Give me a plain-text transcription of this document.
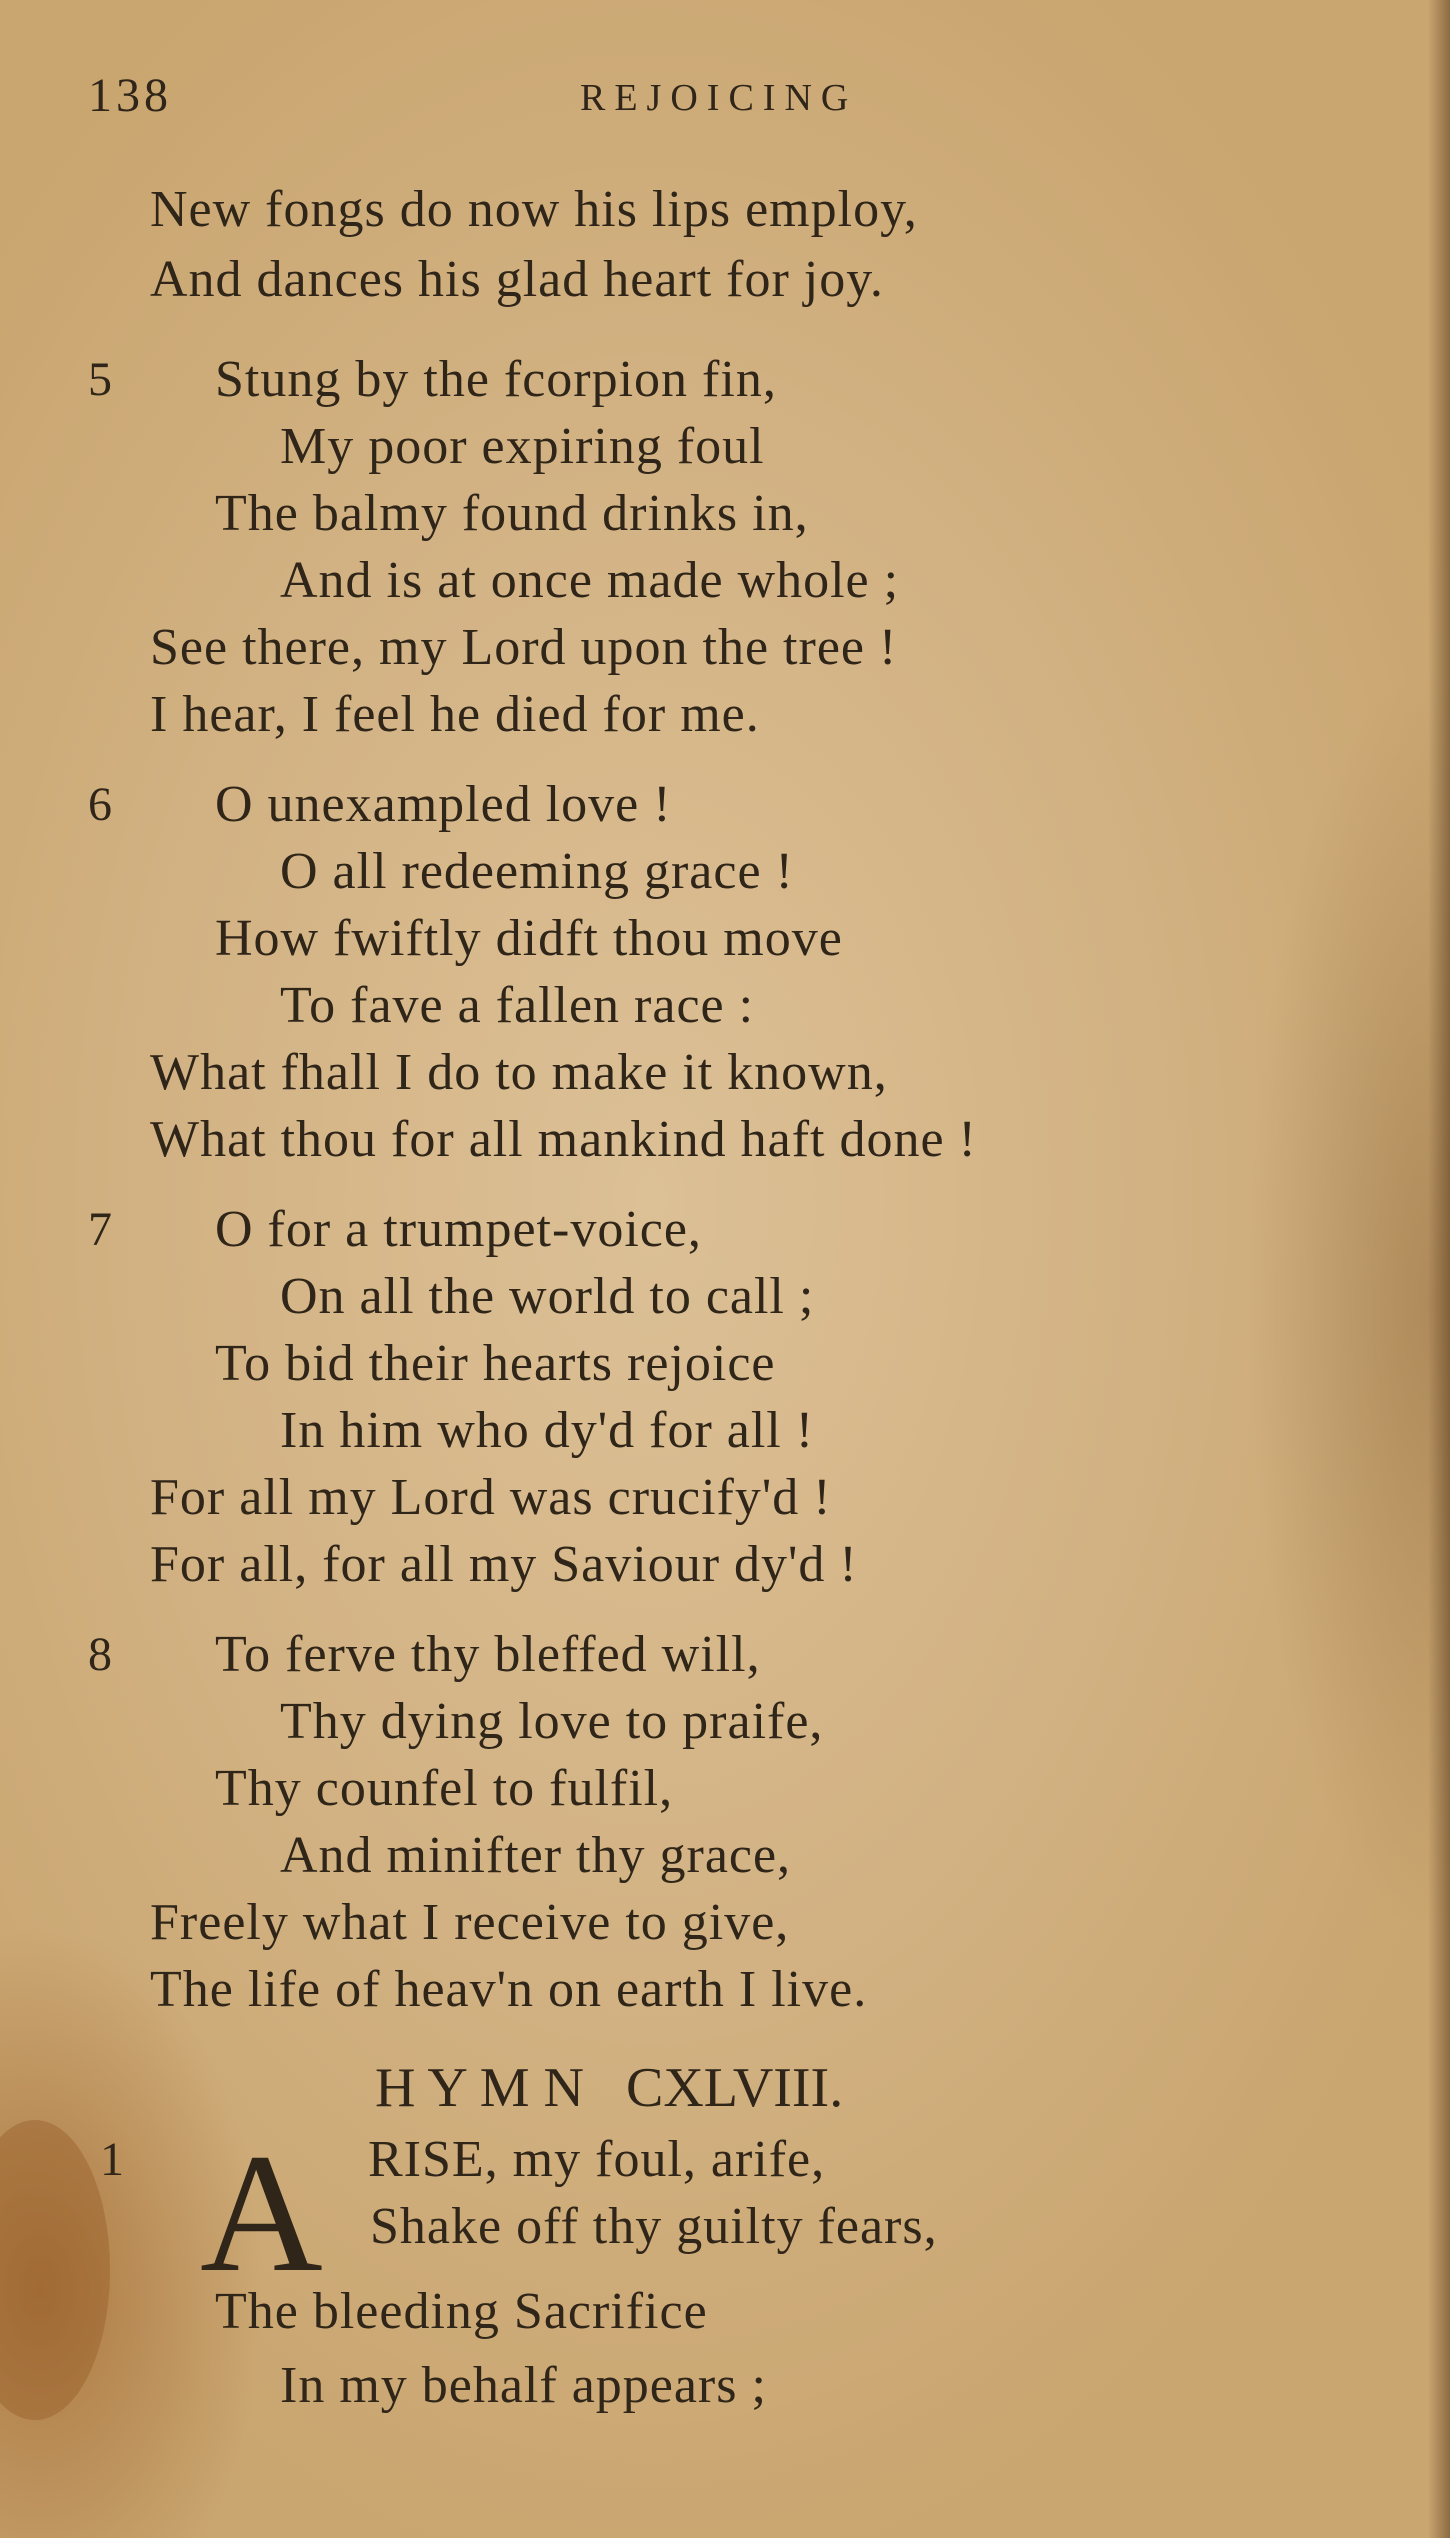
138	REJOICING
New fongs do now his lips employ,
And dances his glad heart for joy.
5 Stung by the fcorpion fin,
My poor expiring foul
The balmy found drinks in,
And is at once made whole ;
See there, my Lord upon the tree !
I hear, I feel he died for me.
6 O unexampled love !
O all redeeming grace !
How fwiftly didft thou move
To fave a fallen race :
What fhall I do to make it known,
What thou for all mankind haft done !
7 O for a trumpet-voice,
On all the world to call ;
To bid their hearts rejoice
In him who dy'd for all !
For all my Lord was crucify'd !
For all, for all my Saviour dy'd !
8 To ferve thy bleffed will,
Thy dying love to praife,
Thy counfel to fulfil,
And minifter thy grace,
Freely what I receive to give,
The life of heav'n on earth I live.
H Y M N   CXLVIII.
1 A RISE, my foul, arife,
Shake off thy guilty fears,
The bleeding Sacrifice
In my behalf appears ;
